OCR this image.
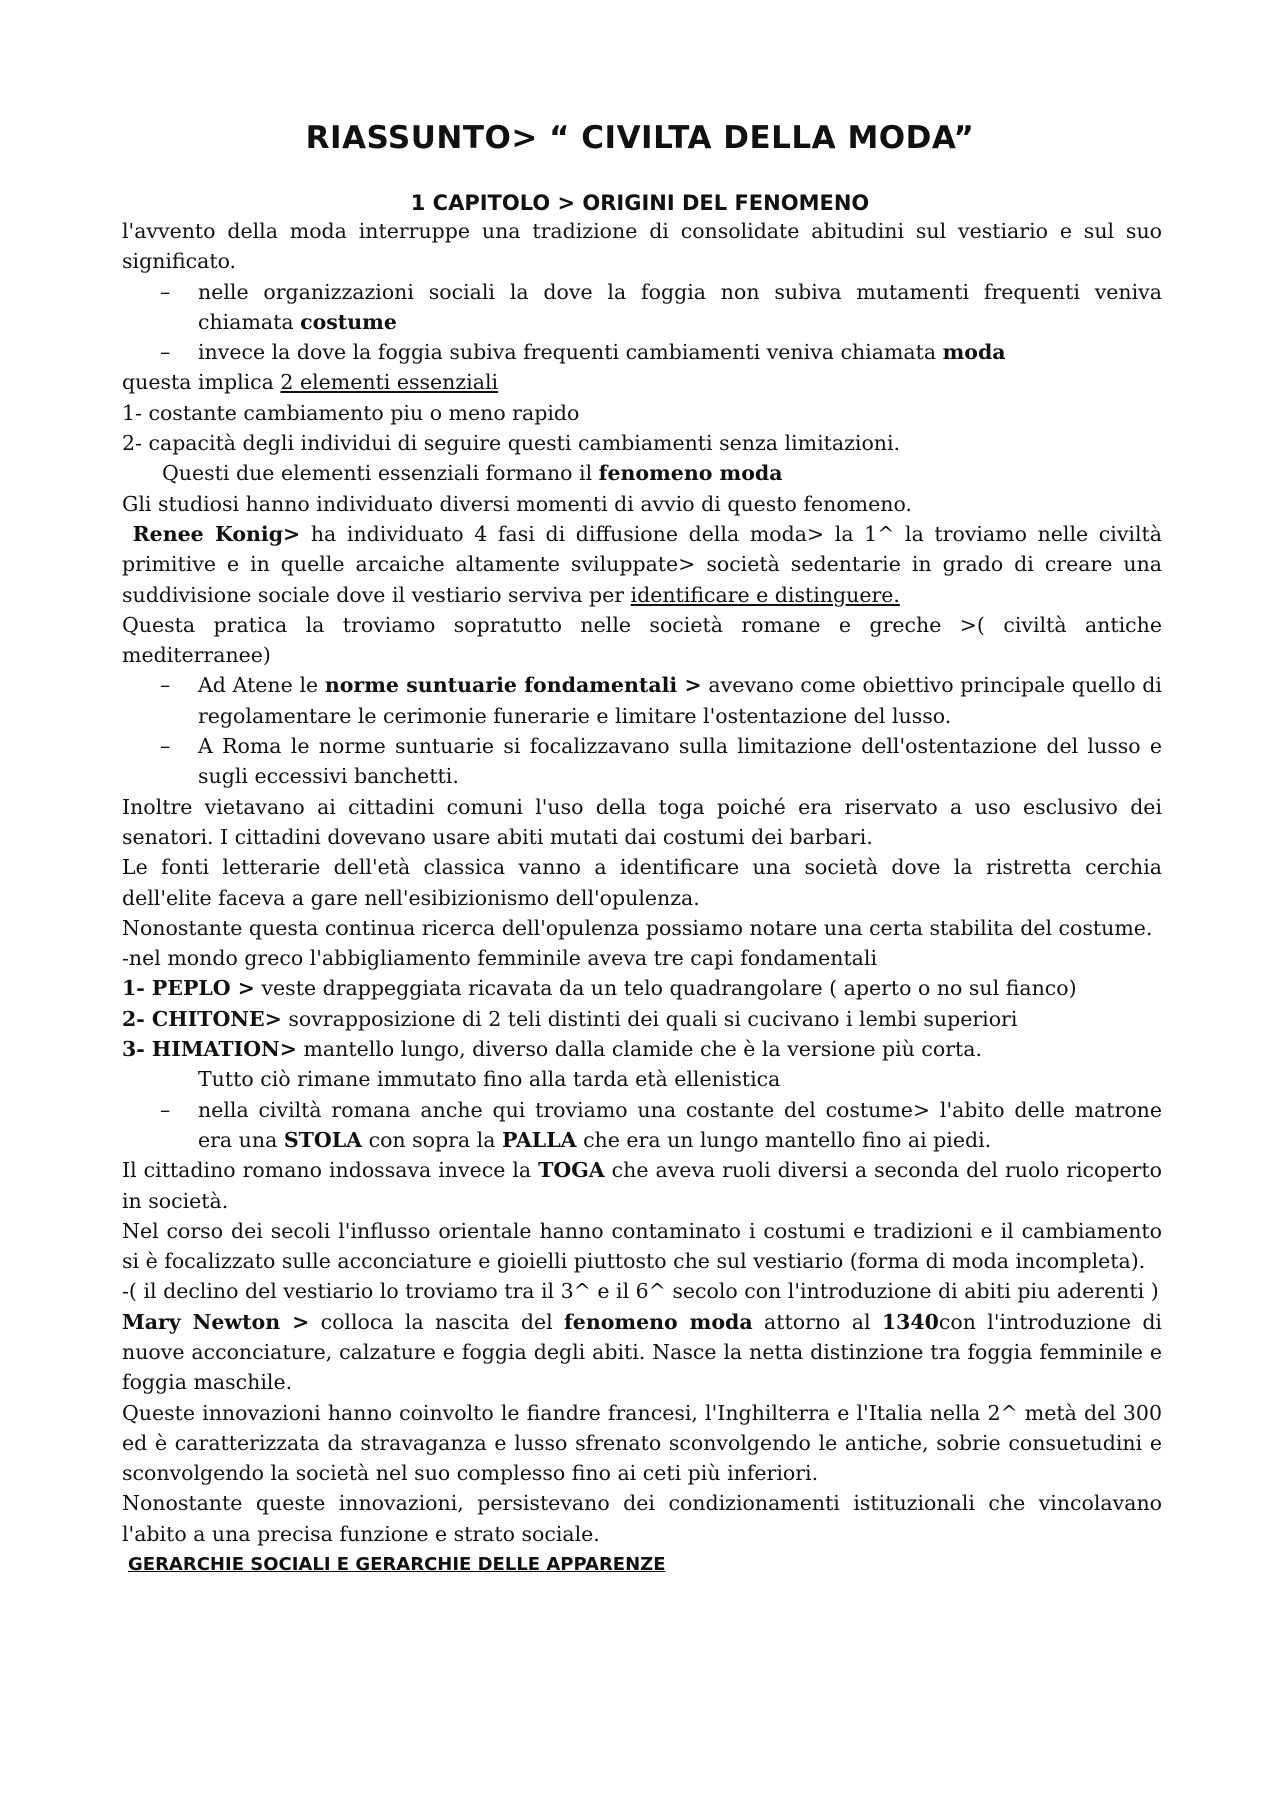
RIASSUNTO> “ CIVILTA DELLA MODA”
1 CAPITOLO > ORIGINI DEL FENOMENO

l'avvento della moda interruppe una tradizione di consolidate abitudini sul vestiario e sul suo significato.

– nelle organizzazioni sociali la dove la foggia non subiva mutamenti frequenti veniva chiamata costume

– invece la dove la foggia subiva frequenti cambiamenti veniva chiamata moda

questa implica 2 elementi essenziali

1- costante cambiamento piu o meno rapido

2- capacità degli individui di seguire questi cambiamenti senza limitazioni.

Questi due elementi essenziali formano il fenomeno moda

Gli studiosi hanno individuato diversi momenti di avvio di questo fenomeno.

Renee Konig> ha individuato 4 fasi di diffusione della moda> la 1^ la troviamo nelle civiltà primitive e in quelle arcaiche altamente sviluppate> società sedentarie in grado di creare una suddivisione sociale dove il vestiario serviva per identificare e distinguere.

Questa pratica la troviamo sopratutto nelle società romane e greche >( civiltà antiche mediterranee)

– Ad Atene le norme suntuarie fondamentali > avevano come obiettivo principale quello di regolamentare le cerimonie funerarie e limitare l'ostentazione del lusso.

– A Roma le norme suntuarie si focalizzavano sulla limitazione dell'ostentazione del lusso e sugli eccessivi banchetti.

Inoltre vietavano ai cittadini comuni l'uso della toga poiché era riservato a uso esclusivo dei senatori. I cittadini dovevano usare abiti mutati dai costumi dei barbari.

Le fonti letterarie dell'età classica vanno a identificare una società dove la ristretta cerchia dell'elite faceva a gare nell'esibizionismo dell'opulenza.

Nonostante questa continua ricerca dell'opulenza possiamo notare una certa stabilita del costume.

-nel mondo greco l'abbigliamento femminile aveva tre capi fondamentali

1- PEPLO > veste drappeggiata ricavata da un telo quadrangolare ( aperto o no sul fianco)

2- CHITONE> sovrapposizione di 2 teli distinti dei quali si cucivano i lembi superiori

3- HIMATION> mantello lungo, diverso dalla clamide che è la versione più corta.

Tutto ciò rimane immutato fino alla tarda età ellenistica

– nella civiltà romana anche qui troviamo una costante del costume> l'abito delle matrone era una STOLA con sopra la PALLA che era un lungo mantello fino ai piedi.

Il cittadino romano indossava invece la TOGA che aveva ruoli diversi a seconda del ruolo ricoperto in società.

Nel corso dei secoli l'influsso orientale hanno contaminato i costumi e tradizioni e il cambiamento si è focalizzato sulle acconciature e gioielli piuttosto che sul vestiario (forma di moda incompleta).

-( il declino del vestiario lo troviamo tra il 3^ e il 6^ secolo con l'introduzione di abiti piu aderenti )

Mary Newton > colloca la nascita del fenomeno moda attorno al 1340con l'introduzione di nuove acconciature, calzature e foggia degli abiti. Nasce la netta distinzione tra foggia femminile e foggia maschile.

Queste innovazioni hanno coinvolto le fiandre francesi, l'Inghilterra e l'Italia nella 2^ metà del 300 ed è caratterizzata da stravaganza e lusso sfrenato sconvolgendo le antiche, sobrie consuetudini e sconvolgendo la società nel suo complesso fino ai ceti più inferiori.

Nonostante queste innovazioni, persistevano dei condizionamenti istituzionali che vincolavano l'abito a una precisa funzione e strato sociale.

GERARCHIE SOCIALI E GERARCHIE DELLE APPARENZE
